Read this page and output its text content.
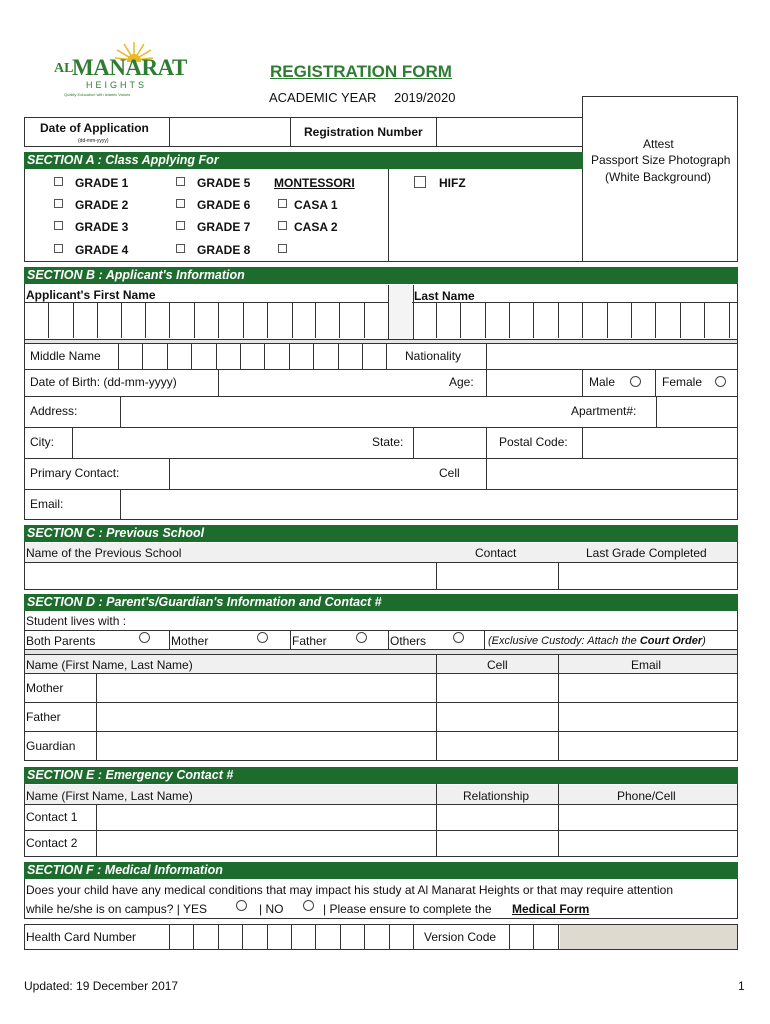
AL
MANARAT
HEIGHTS
Quality Education with Islamic Values
REGISTRATION FORM
ACADEMIC YEAR 2019/2020
Attest
Passport Size Photograph
(White Background)
Date of Application
(dd-mm-yyyy)
Registration Number
SECTION A : Class Applying For
GRADE 1
GRADE 2
GRADE 3
GRADE 4
GRADE 5
GRADE 6
GRADE 7
GRADE 8
MONTESSORI
CASA 1
CASA 2
HIFZ
SECTION B : Applicant's Information
Applicant's First Name	Last Name
Middle Name	Nationality
Date of Birth: (dd-mm-yyyy)	Age:	Male	Female
Address:	Apartment#:
City:	State:	Postal Code:
Primary Contact:	Cell
Email:
SECTION C : Previous School
Name of the Previous School	Contact	Last Grade Completed
SECTION D : Parent's/Guardian's Information and Contact #
Student lives with :
Both Parents	Mother	Father	Others	(Exclusive Custody: Attach the Court Order)
Name (First Name, Last Name)	Cell	Email
Mother
Father
Guardian
SECTION E : Emergency Contact #
Name (First Name, Last Name)	Relationship	Phone/Cell
Contact 1
Contact 2
SECTION F : Medical Information
Does your child have any medical conditions that may impact his study at Al Manarat Heights or that may require attention
while he/she is on campus? | YES	| NO	| Please ensure to complete the Medical Form
Health Card Number	Version Code
Updated: 19 December 2017	1
